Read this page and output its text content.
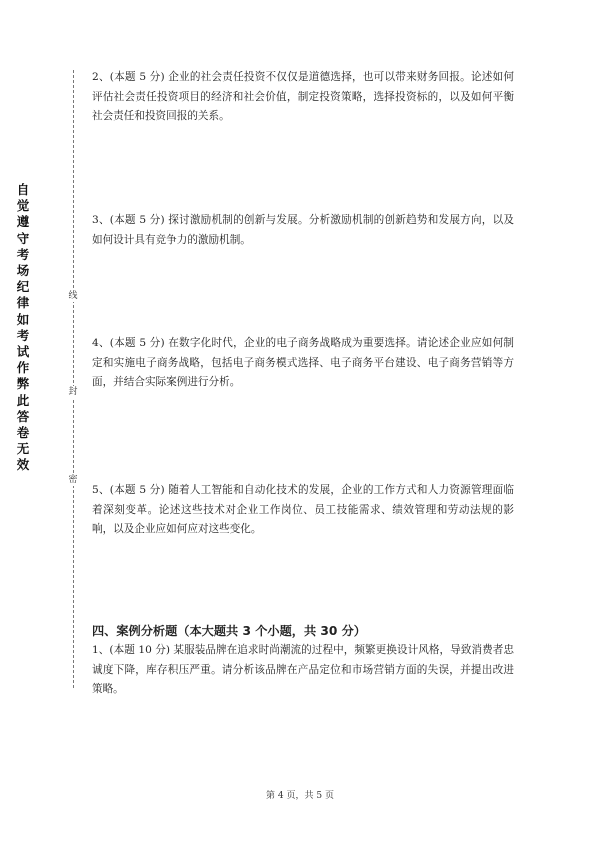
自
觉
遵
守
考
场
纪
律
如
考
试
作
弊
此
答
卷
无
效
线
封
密

2、(本题 5 分) 企业的社会责任投资不仅仅是道德选择，也可以带来财务回报。论述如何评估社会责任投资项目的经济和社会价值，制定投资策略，选择投资标的，以及如何平衡社会责任和投资回报的关系。

3、(本题 5 分) 探讨激励机制的创新与发展。分析激励机制的创新趋势和发展方向，以及如何设计具有竞争力的激励机制。

4、(本题 5 分) 在数字化时代，企业的电子商务战略成为重要选择。请论述企业应如何制定和实施电子商务战略，包括电子商务模式选择、电子商务平台建设、电子商务营销等方面，并结合实际案例进行分析。

5、(本题 5 分) 随着人工智能和自动化技术的发展，企业的工作方式和人力资源管理面临着深刻变革。论述这些技术对企业工作岗位、员工技能需求、绩效管理和劳动法规的影响，以及企业应如何应对这些变化。

四、案例分析题（本大题共 3 个小题，共 30 分）

1、(本题 10 分) 某服装品牌在追求时尚潮流的过程中，频繁更换设计风格，导致消费者忠诚度下降，库存积压严重。请分析该品牌在产品定位和市场营销方面的失误，并提出改进策略。

第 4 页，共 5 页
